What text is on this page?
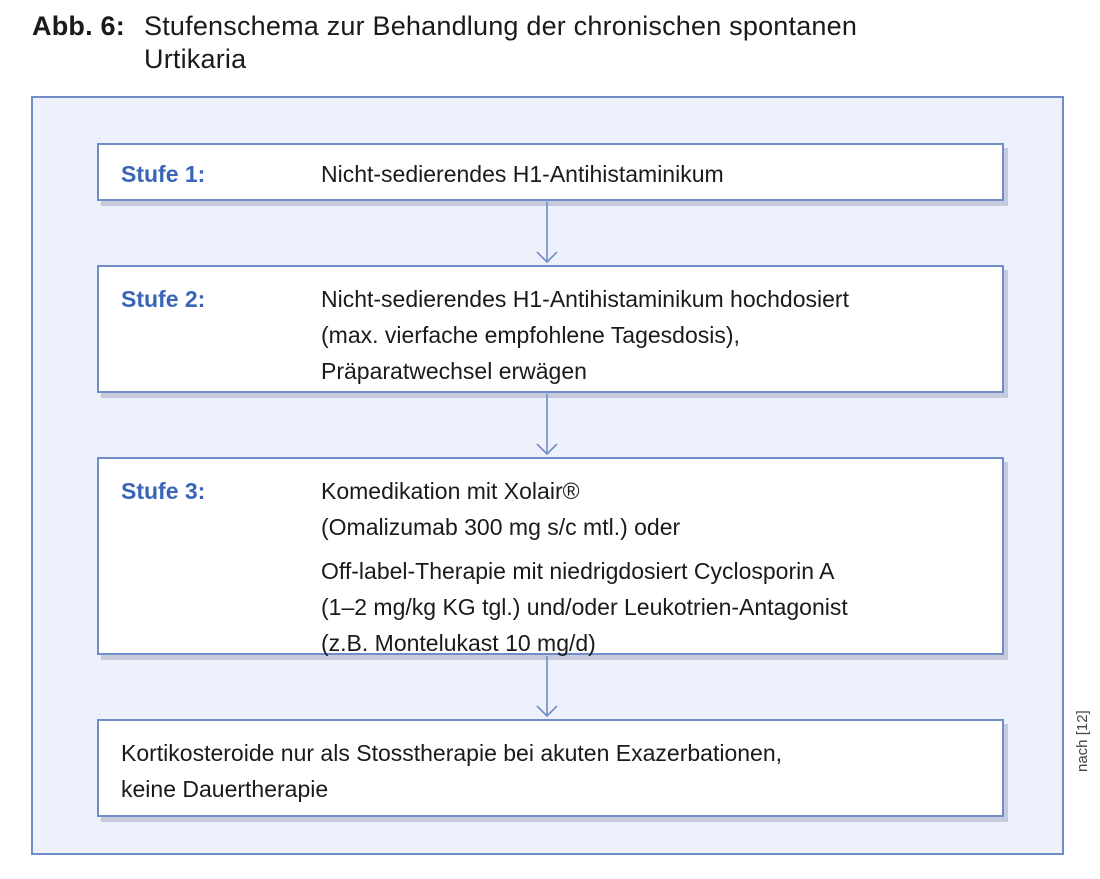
Abb. 6: Stufenschema zur Behandlung der chronischen spontanen
Urtikaria
Stufe 1:	Nicht-sedierendes H1-Antihistaminikum
Stufe 2:	Nicht-sedierendes H1-Antihistaminikum hochdosiert
(max. vierfache empfohlene Tagesdosis),
Präparatwechsel erwägen
Stufe 3:	Komedikation mit Xolair®
(Omalizumab 300 mg s/c mtl.) oder
Off-label-Therapie mit niedrigdosiert Cyclosporin A
(1–2 mg/kg KG tgl.) und/oder Leukotrien-Antagonist
(z.B. Montelukast 10 mg/d)
Kortikosteroide nur als Stosstherapie bei akuten Exazerbationen,
keine Dauertherapie
nach [12]
